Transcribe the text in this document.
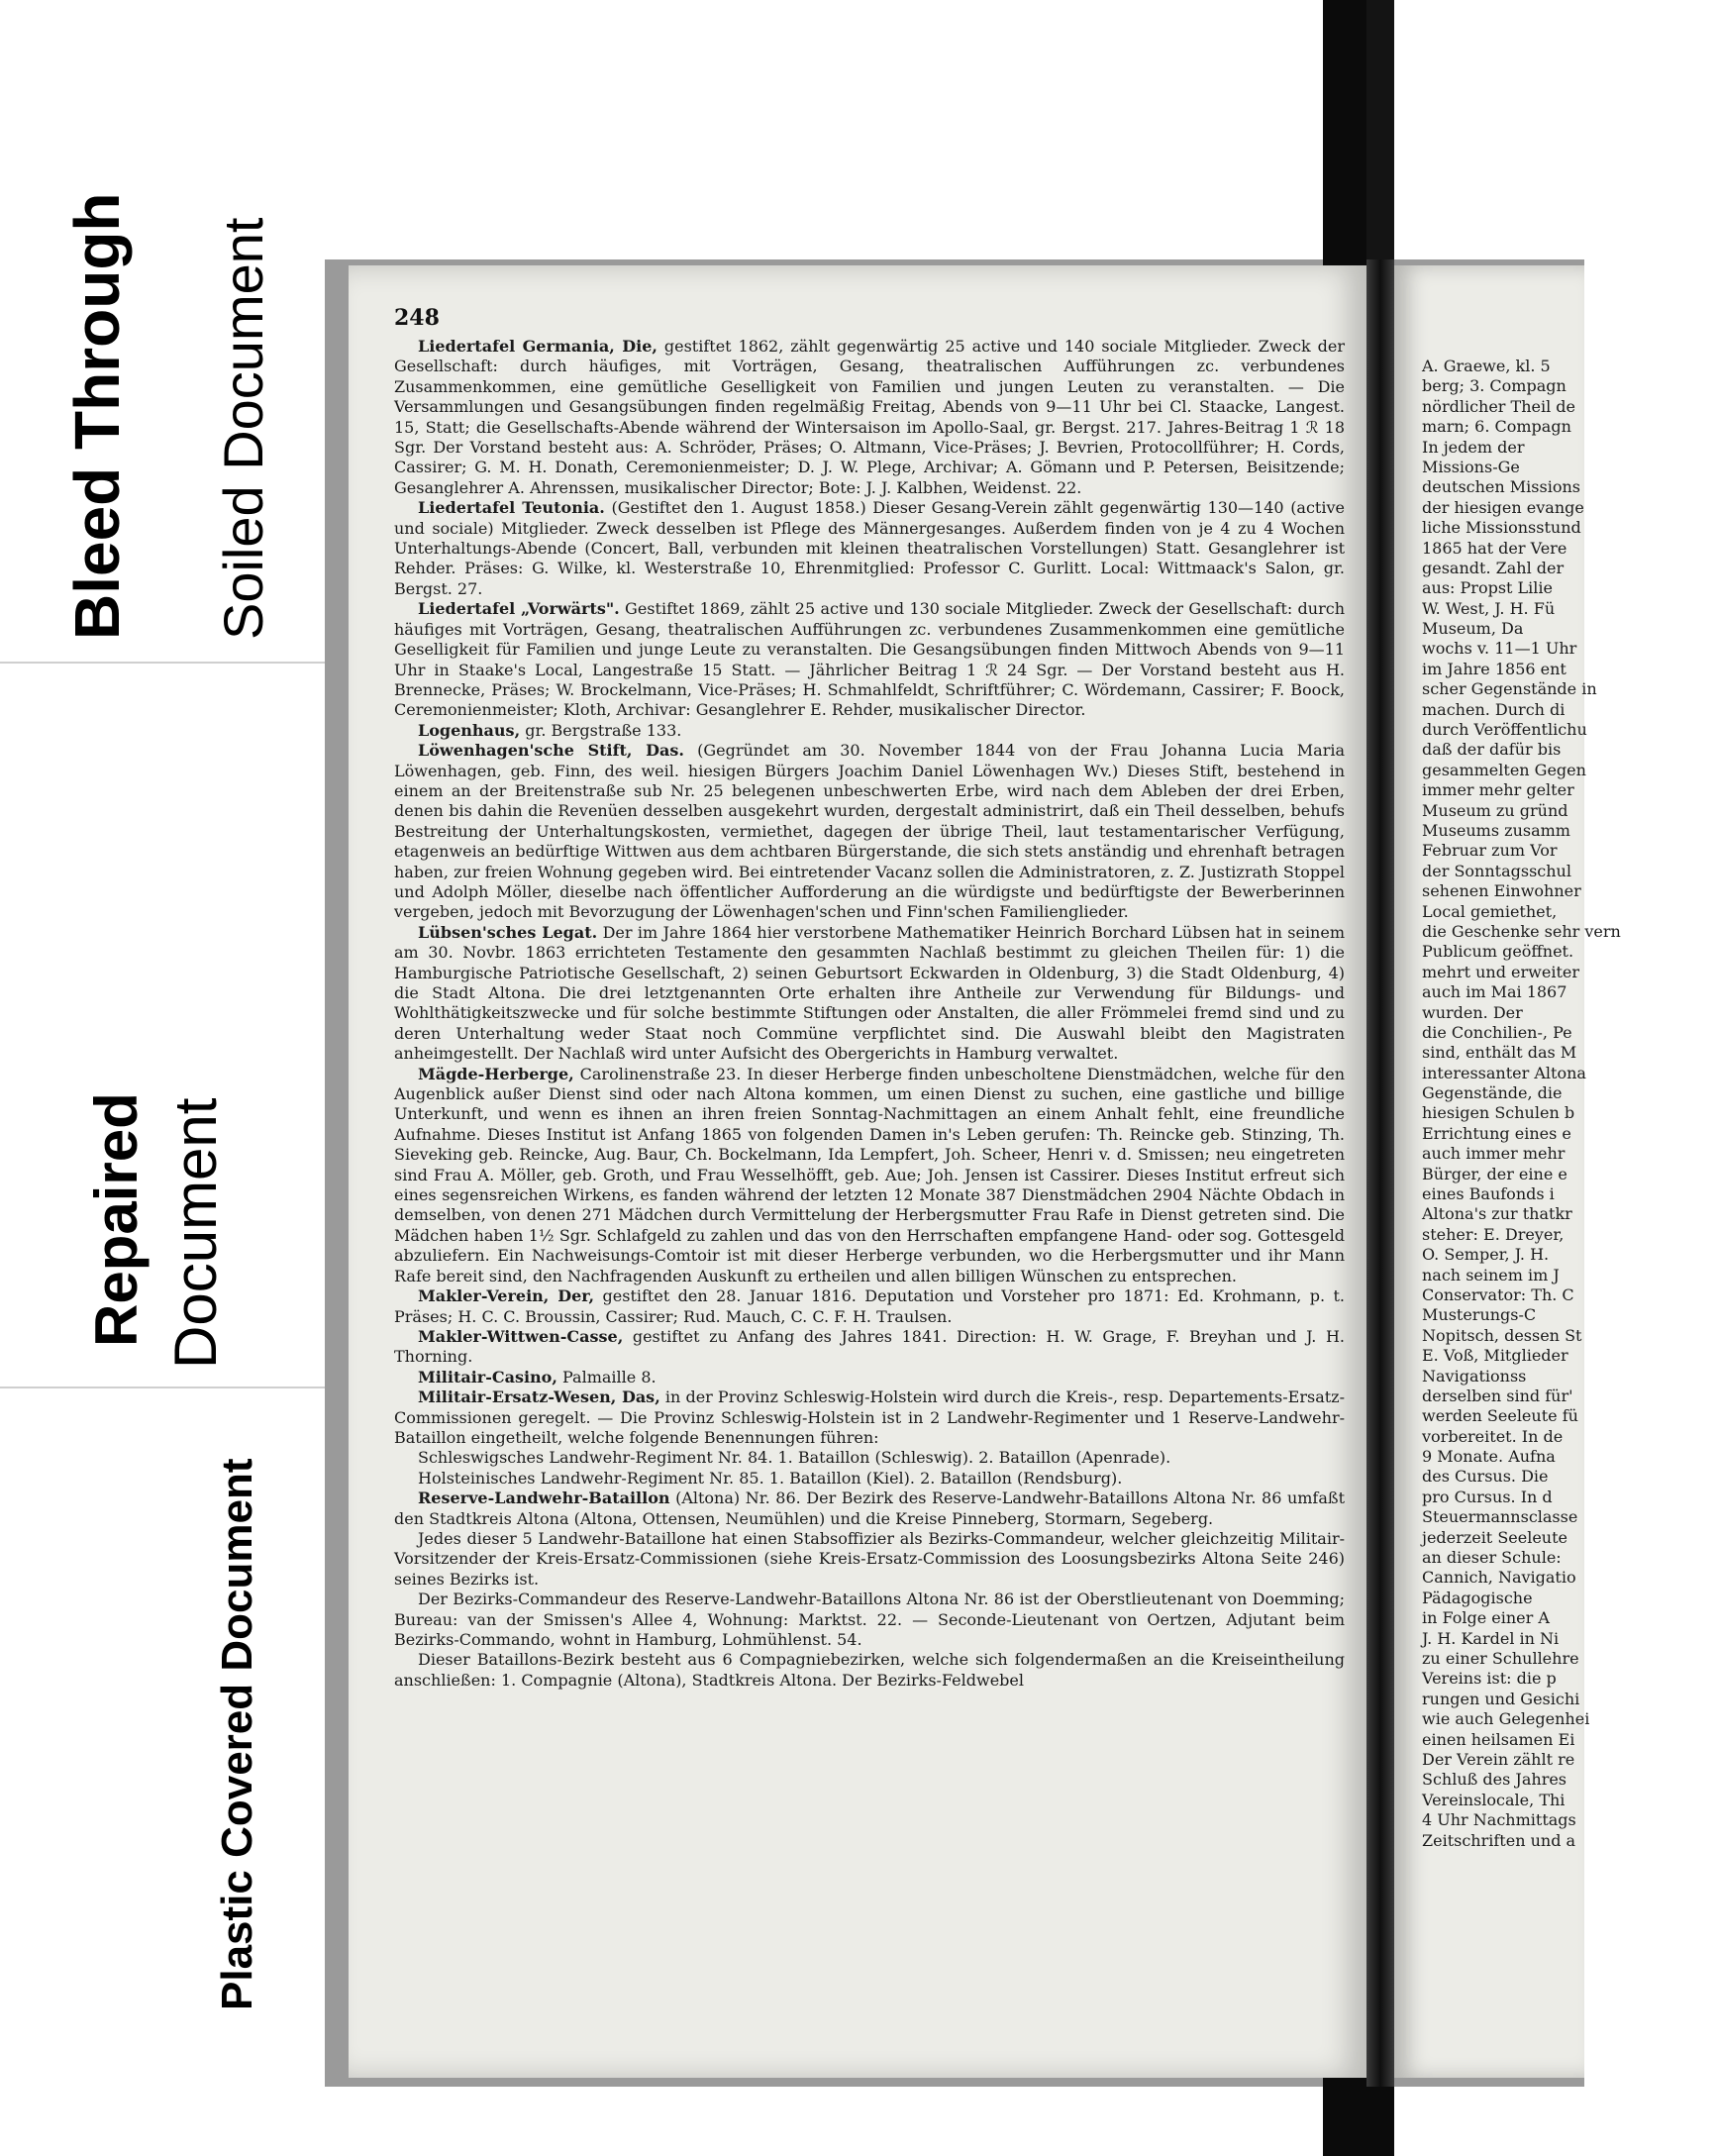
Bleed Through Soiled Document
Repaired Document
Plastic Covered Document
248

Liedertafel Germania, Die, gestiftet 1862, zählt gegenwärtig 25 active und 140 sociale Mitglieder. Zweck der Gesellschaft: durch häufiges, mit Vorträgen, Gesang, theatralischen Aufführungen zc. verbundenes Zusammenkommen, eine gemütliche Geselligkeit von Familien und jungen Leuten zu veranstalten. — Die Versammlungen und Gesangsübungen finden regelmäßig Freitag, Abends von 9—11 Uhr bei Cl. Staacke, Langest. 15, Statt; die Gesellschafts-Abende während der Wintersaison im Apollo-Saal, gr. Bergst. 217. Jahres-Beitrag 1 ℛ 18 Sgr. Der Vorstand besteht aus: A. Schröder, Präses; O. Altmann, Vice-Präses; J. Bevrien, Protocollführer; H. Cords, Cassirer; G. M. H. Donath, Ceremonienmeister; D. J. W. Plege, Archivar; A. Gömann und P. Petersen, Beisitzende; Gesanglehrer A. Ahrenssen, musikalischer Director; Bote: J. J. Kalbhen, Weidenst. 22.

Liedertafel Teutonia. (Gestiftet den 1. August 1858.) Dieser Gesang-Verein zählt gegenwärtig 130—140 (active und sociale) Mitglieder. Zweck desselben ist Pflege des Männergesanges. Außerdem finden von je 4 zu 4 Wochen Unterhaltungs-Abende (Concert, Ball, verbunden mit kleinen theatralischen Vorstellungen) Statt. Gesanglehrer ist Rehder. Präses: G. Wilke, kl. Westerstraße 10, Ehrenmitglied: Professor C. Gurlitt. Local: Wittmaack's Salon, gr. Bergst. 27.

Liedertafel „Vorwärts". Gestiftet 1869, zählt 25 active und 130 sociale Mitglieder. Zweck der Gesellschaft: durch häufiges mit Vorträgen, Gesang, theatralischen Aufführungen zc. verbundenes Zusammenkommen eine gemütliche Geselligkeit für Familien und junge Leute zu veranstalten. Die Gesangsübungen finden Mittwoch Abends von 9—11 Uhr in Staake's Local, Langestraße 15 Statt. — Jährlicher Beitrag 1 ℛ 24 Sgr. — Der Vorstand besteht aus H. Brennecke, Präses; W. Brockelmann, Vice-Präses; H. Schmahlfeldt, Schriftführer; C. Wördemann, Cassirer; F. Boock, Ceremonienmeister; Kloth, Archivar: Gesanglehrer E. Rehder, musikalischer Director.

Logenhaus, gr. Bergstraße 133.

Löwenhagen'sche Stift, Das. (Gegründet am 30. November 1844 von der Frau Johanna Lucia Maria Löwenhagen, geb. Finn, des weil. hiesigen Bürgers Joachim Daniel Löwenhagen Wv.) Dieses Stift, bestehend in einem an der Breitenstraße sub Nr. 25 belegenen unbeschwerten Erbe, wird nach dem Ableben der drei Erben, denen bis dahin die Revenüen desselben ausgekehrt wurden, dergestalt administrirt, daß ein Theil desselben, behufs Bestreitung der Unterhaltungskosten, vermiethet, dagegen der übrige Theil, laut testamentarischer Verfügung, etagenweis an bedürftige Wittwen aus dem achtbaren Bürgerstande, die sich stets anständig und ehrenhaft betragen haben, zur freien Wohnung gegeben wird. Bei eintretender Vacanz sollen die Administratoren, z. Z. Justizrath Stoppel und Adolph Möller, dieselbe nach öffentlicher Aufforderung an die würdigste und bedürftigste der Bewerberinnen vergeben, jedoch mit Bevorzugung der Löwenhagen'schen und Finn'schen Familienglieder.

Lübsen'sches Legat. Der im Jahre 1864 hier verstorbene Mathematiker Heinrich Borchard Lübsen hat in seinem am 30. Novbr. 1863 errichteten Testamente den gesammten Nachlaß bestimmt zu gleichen Theilen für: 1) die Hamburgische Patriotische Gesellschaft, 2) seinen Geburtsort Eckwarden in Oldenburg, 3) die Stadt Oldenburg, 4) die Stadt Altona. Die drei letztgenannten Orte erhalten ihre Antheile zur Verwendung für Bildungs- und Wohlthätigkeitszwecke und für solche bestimmte Stiftungen oder Anstalten, die aller Frömmelei fremd sind und zu deren Unterhaltung weder Staat noch Commüne verpflichtet sind. Die Auswahl bleibt den Magistraten anheimgestellt. Der Nachlaß wird unter Aufsicht des Obergerichts in Hamburg verwaltet.

Mägde-Herberge, Carolinenstraße 23. In dieser Herberge finden unbescholtene Dienstmädchen, welche für den Augenblick außer Dienst sind oder nach Altona kommen, um einen Dienst zu suchen, eine gastliche und billige Unterkunft, und wenn es ihnen an ihren freien Sonntag-Nachmittagen an einem Anhalt fehlt, eine freundliche Aufnahme. Dieses Institut ist Anfang 1865 von folgenden Damen in's Leben gerufen: Th. Reincke geb. Stinzing, Th. Sieveking geb. Reincke, Aug. Baur, Ch. Bockelmann, Ida Lempfert, Joh. Scheer, Henri v. d. Smissen; neu eingetreten sind Frau A. Möller, geb. Groth, und Frau Wesselhöfft, geb. Aue; Joh. Jensen ist Cassirer. Dieses Institut erfreut sich eines segensreichen Wirkens, es fanden während der letzten 12 Monate 387 Dienstmädchen 2904 Nächte Obdach in demselben, von denen 271 Mädchen durch Vermittelung der Herbergsmutter Frau Rafe in Dienst getreten sind. Die Mädchen haben 1½ Sgr. Schlafgeld zu zahlen und das von den Herrschaften empfangene Hand- oder sog. Gottesgeld abzuliefern. Ein Nachweisungs-Comtoir ist mit dieser Herberge verbunden, wo die Herbergsmutter und ihr Mann Rafe bereit sind, den Nachfragenden Auskunft zu ertheilen und allen billigen Wünschen zu entsprechen.

Makler-Verein, Der, gestiftet den 28. Januar 1816. Deputation und Vorsteher pro 1871: Ed. Krohmann, p. t. Präses; H. C. C. Broussin, Cassirer; Rud. Mauch, C. C. F. H. Traulsen.

Makler-Wittwen-Casse, gestiftet zu Anfang des Jahres 1841. Direction: H. W. Grage, F. Breyhan und J. H. Thorning.

Militair-Casino, Palmaille 8.

Militair-Ersatz-Wesen, Das, in der Provinz Schleswig-Holstein wird durch die Kreis-, resp. Departements-Ersatz-Commissionen geregelt. — Die Provinz Schleswig-Holstein ist in 2 Landwehr-Regimenter und 1 Reserve-Landwehr-Bataillon eingetheilt, welche folgende Benennungen führen:

Schleswigsches Landwehr-Regiment Nr. 84. 1. Bataillon (Schleswig). 2. Bataillon (Apenrade).

Holsteinisches Landwehr-Regiment Nr. 85. 1. Bataillon (Kiel). 2. Bataillon (Rendsburg).

Reserve-Landwehr-Bataillon (Altona) Nr. 86. Der Bezirk des Reserve-Landwehr-Bataillons Altona Nr. 86 umfaßt den Stadtkreis Altona (Altona, Ottensen, Neumühlen) und die Kreise Pinneberg, Stormarn, Segeberg.

Jedes dieser 5 Landwehr-Bataillone hat einen Stabsoffizier als Bezirks-Commandeur, welcher gleichzeitig Militair-Vorsitzender der Kreis-Ersatz-Commissionen (siehe Kreis-Ersatz-Commission des Loosungsbezirks Altona Seite 246) seines Bezirks ist.

Der Bezirks-Commandeur des Reserve-Landwehr-Bataillons Altona Nr. 86 ist der Oberstlieutenant von Doemming; Bureau: van der Smissen's Allee 4, Wohnung: Marktst. 22. — Seconde-Lieutenant von Oertzen, Adjutant beim Bezirks-Commando, wohnt in Hamburg, Lohmühlenst. 54.

Dieser Bataillons-Bezirk besteht aus 6 Compagniebezirken, welche sich folgendermaßen an die Kreiseintheilung anschließen: 1. Compagnie (Altona), Stadtkreis Altona. Der Bezirks-Feldwebel

A. Graewe, kl. 5
berg; 3. Compagn
nördlicher Theil de
marn; 6. Compagn
In jedem der
Missions-Ge
deutschen Missions
der hiesigen evange
liche Missionsstund
1865 hat der Vere
gesandt. Zahl der
aus: Propst Lilie
W. West, J. H. Fü
Museum, Da
wochs v. 11—1 Uhr
im Jahre 1856 ent
scher Gegenstände in
machen. Durch di
durch Veröffentlichu
daß der dafür bis
gesammelten Gegen
immer mehr gelter
Museum zu gründ
Museums zusamm
Februar zum Vor
der Sonntagsschul
sehenen Einwohner
Local gemiethet,
die Geschenke sehr vern
Publicum geöffnet.
mehrt und erweiter
auch im Mai 1867
wurden. Der
die Conchilien-, Pe
sind, enthält das M
interessanter Altona
Gegenstände, die
hiesigen Schulen b
Errichtung eines e
auch immer mehr
Bürger, der eine e
eines Baufonds i
Altona's zur thatkr
steher: E. Dreyer,
O. Semper, J. H.
nach seinem im J
Conservator: Th. C
Musterungs-C
Nopitsch, dessen St
E. Voß, Mitglieder
Navigationss
derselben sind für'
werden Seeleute fü
vorbereitet. In de
9 Monate. Aufna
des Cursus. Die
pro Cursus. In d
Steuermannsclasse
jederzeit Seeleute
an dieser Schule:
Cannich, Navigatio
Pädagogische
in Folge einer A
J. H. Kardel in Ni
zu einer Schullehre
Vereins ist: die p
rungen und Gesichi
wie auch Gelegenhei
einen heilsamen Ei
Der Verein zählt re
Schluß des Jahres
Vereinslocale, Thi
4 Uhr Nachmittags
Zeitschriften und a
